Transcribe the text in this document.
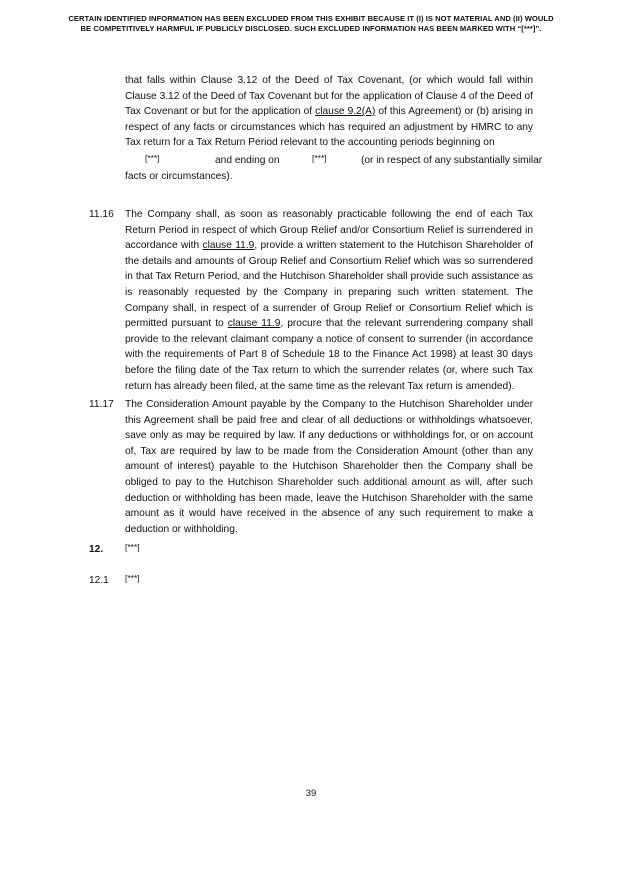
CERTAIN IDENTIFIED INFORMATION HAS BEEN EXCLUDED FROM THIS EXHIBIT BECAUSE IT (I) IS NOT MATERIAL AND (II) WOULD
BE COMPETITIVELY HARMFUL IF PUBLICLY DISCLOSED. SUCH EXCLUDED INFORMATION HAS BEEN MARKED WITH “[***]”.
that falls within Clause 3.12 of the Deed of Tax Covenant, (or which would fall within Clause 3.12 of the Deed of Tax Covenant but for the application of Clause 4 of the Deed of Tax Covenant or but for the application of clause 9.2(A) of this Agreement) or (b) arising in respect of any facts or circumstances which has required an adjustment by HMRC to any Tax return for a Tax Return Period relevant to the accounting periods beginning on
[***]	and ending on	[***]	(or in respect of any substantially similar
facts or circumstances).
11.16 The Company shall, as soon as reasonably practicable following the end of each Tax Return Period in respect of which Group Relief and/or Consortium Relief is surrendered in accordance with clause 11.9, provide a written statement to the Hutchison Shareholder of the details and amounts of Group Relief and Consortium Relief which was so surrendered in that Tax Return Period, and the Hutchison Shareholder shall provide such assistance as is reasonably requested by the Company in preparing such written statement. The Company shall, in respect of a surrender of Group Relief or Consortium Relief which is permitted pursuant to clause 11.9, procure that the relevant surrendering company shall provide to the relevant claimant company a notice of consent to surrender (in accordance with the requirements of Part 8 of Schedule 18 to the Finance Act 1998) at least 30 days before the filing date of the Tax return to which the surrender relates (or, where such Tax return has already been filed, at the same time as the relevant Tax return is amended).
11.17 The Consideration Amount payable by the Company to the Hutchison Shareholder under this Agreement shall be paid free and clear of all deductions or withholdings whatsoever, save only as may be required by law. If any deductions or withholdings for, or on account of, Tax are required by law to be made from the Consideration Amount (other than any amount of interest) payable to the Hutchison Shareholder then the Company shall be obliged to pay to the Hutchison Shareholder such additional amount as will, after such deduction or withholding has been made, leave the Hutchison Shareholder with the same amount as it would have received in the absence of any such requirement to make a deduction or withholding.
12.	[***]
12.1 [***]
39
